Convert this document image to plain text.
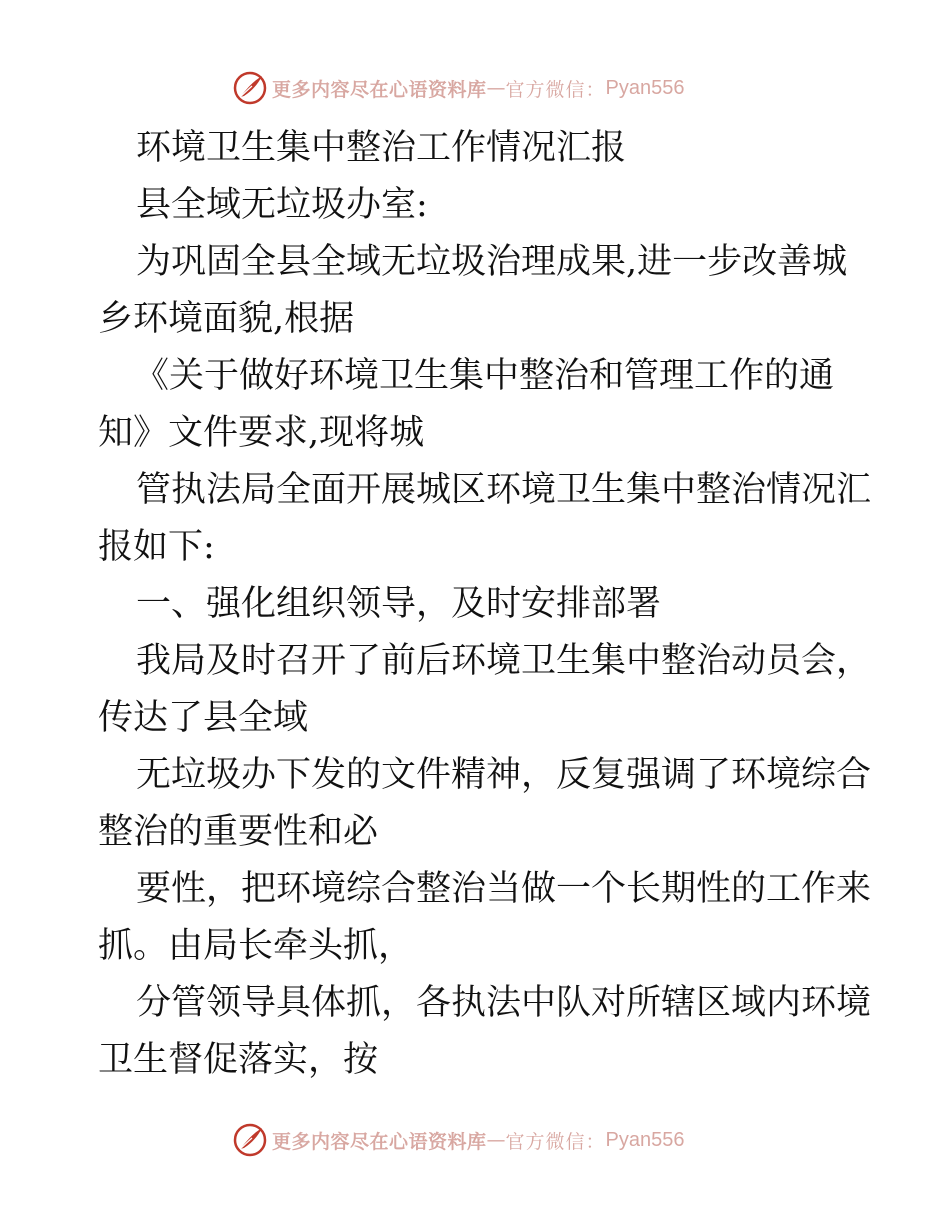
更多内容尽在心语资料库 — 官方微信： Pyan556
环境卫生集中整治工作情况汇报
县全域无垃圾办室:
为巩固全县全域无垃圾治理成果,进一步改善城
乡环境面貌,根据
《关于做好环境卫生集中整治和管理工作的通
知》文件要求,现将城
管执法局全面开展城区环境卫生集中整治情况汇
报如下:
一、强化组织领导，及时安排部署
我局及时召开了前后环境卫生集中整治动员会，
传达了县全域
无垃圾办下发的文件精神，反复强调了环境综合
整治的重要性和必
要性，把环境综合整治当做一个长期性的工作来
抓。由局长牵头抓，
分管领导具体抓，各执法中队对所辖区域内环境
卫生督促落实，按
更多内容尽在心语资料库 — 官方微信： Pyan556
